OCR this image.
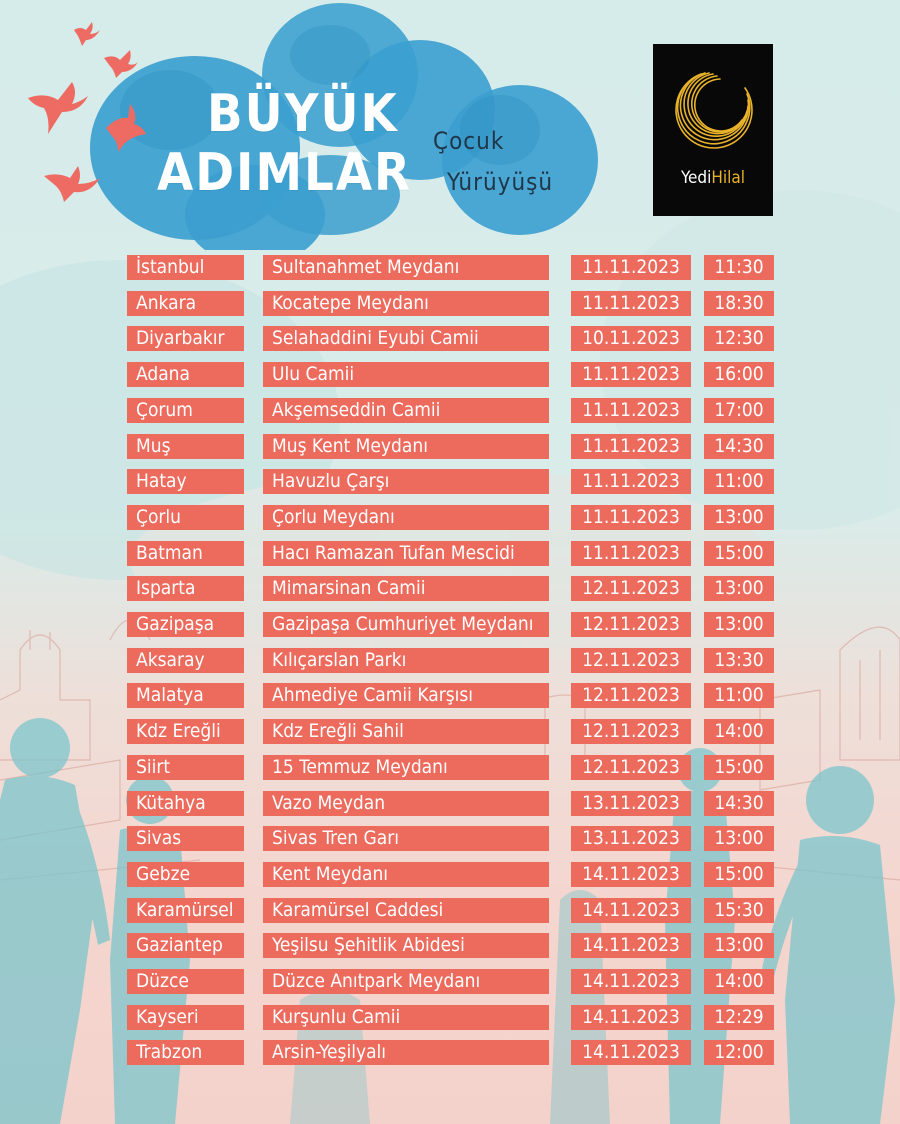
BÜYÜK
ADIMLAR
Çocuk
Yürüyüşü	YediHilal
İstanbul	Sultanahmet Meydanı	11.11.2023	11:30
Ankara	Kocatepe Meydanı	11.11.2023	18:30
Diyarbakır	Selahaddini Eyubi Camii	10.11.2023	12:30
Adana	Ulu Camii	11.11.2023	16:00
Çorum	Akşemseddin Camii	11.11.2023	17:00
Muş	Muş Kent Meydanı	11.11.2023	14:30
Hatay	Havuzlu Çarşı	11.11.2023	11:00
Çorlu	Çorlu Meydanı	11.11.2023	13:00
Batman	Hacı Ramazan Tufan Mescidi	11.11.2023	15:00
Isparta	Mimarsinan Camii	12.11.2023	13:00
Gazipaşa	Gazipaşa Cumhuriyet Meydanı	12.11.2023	13:00
Aksaray	Kılıçarslan Parkı	12.11.2023	13:30
Malatya	Ahmediye Camii Karşısı	12.11.2023	11:00
Kdz Ereğli	Kdz Ereğli Sahil	12.11.2023	14:00
Siirt	15 Temmuz Meydanı	12.11.2023	15:00
Kütahya	Vazo Meydan	13.11.2023	14:30
Sivas	Sivas Tren Garı	13.11.2023	13:00
Gebze	Kent Meydanı	14.11.2023	15:00
Karamürsel	Karamürsel Caddesi	14.11.2023	15:30
Gaziantep	Yeşilsu Şehitlik Abidesi	14.11.2023	13:00
Düzce	Düzce Anıtpark Meydanı	14.11.2023	14:00
Kayseri	Kurşunlu Camii	14.11.2023	12:29
Trabzon	Arsin-Yeşilyalı	14.11.2023	12:00
